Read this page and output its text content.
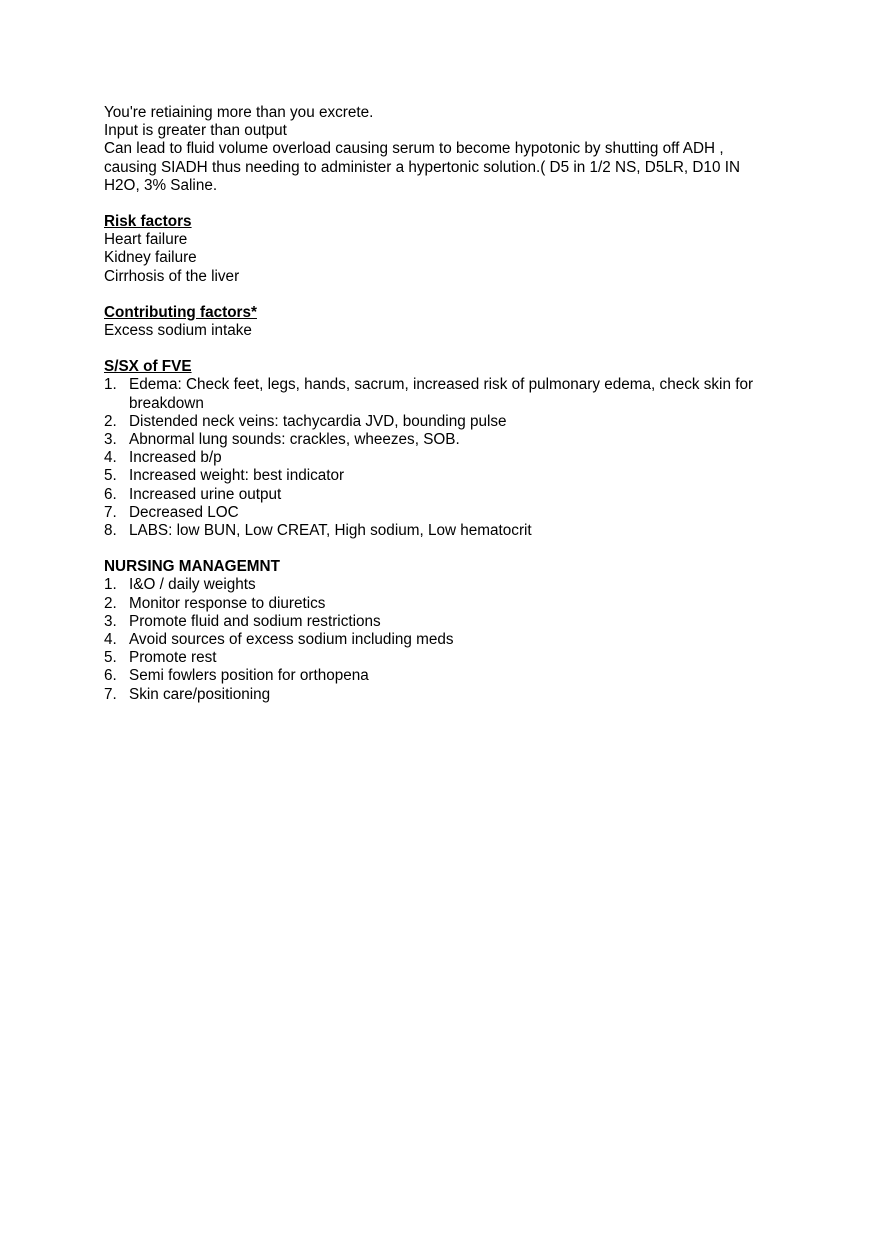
You're retiaining more than you excrete.
Input is greater than output
Can lead to fluid volume overload causing serum to become hypotonic by shutting off ADH ,
causing SIADH thus needing to administer a hypertonic solution.( D5 in 1/2 NS, D5LR, D10 IN
H2O, 3% Saline.
Risk factors
Heart failure
Kidney failure
Cirrhosis of the liver
Contributing factors*
Excess sodium intake
S/SX of FVE
1. Edema: Check feet, legs, hands, sacrum, increased risk of pulmonary edema, check skin for
breakdown
2. Distended neck veins: tachycardia JVD, bounding pulse
3. Abnormal lung sounds: crackles, wheezes, SOB.
4. Increased b/p
5. Increased weight: best indicator
6. Increased urine output
7. Decreased LOC
8. LABS: low BUN, Low CREAT, High sodium, Low hematocrit
NURSING MANAGEMNT
1. I&O / daily weights
2. Monitor response to diuretics
3. Promote fluid and sodium restrictions
4. Avoid sources of excess sodium including meds
5. Promote rest
6. Semi fowlers position for orthopena
7. Skin care/positioning
